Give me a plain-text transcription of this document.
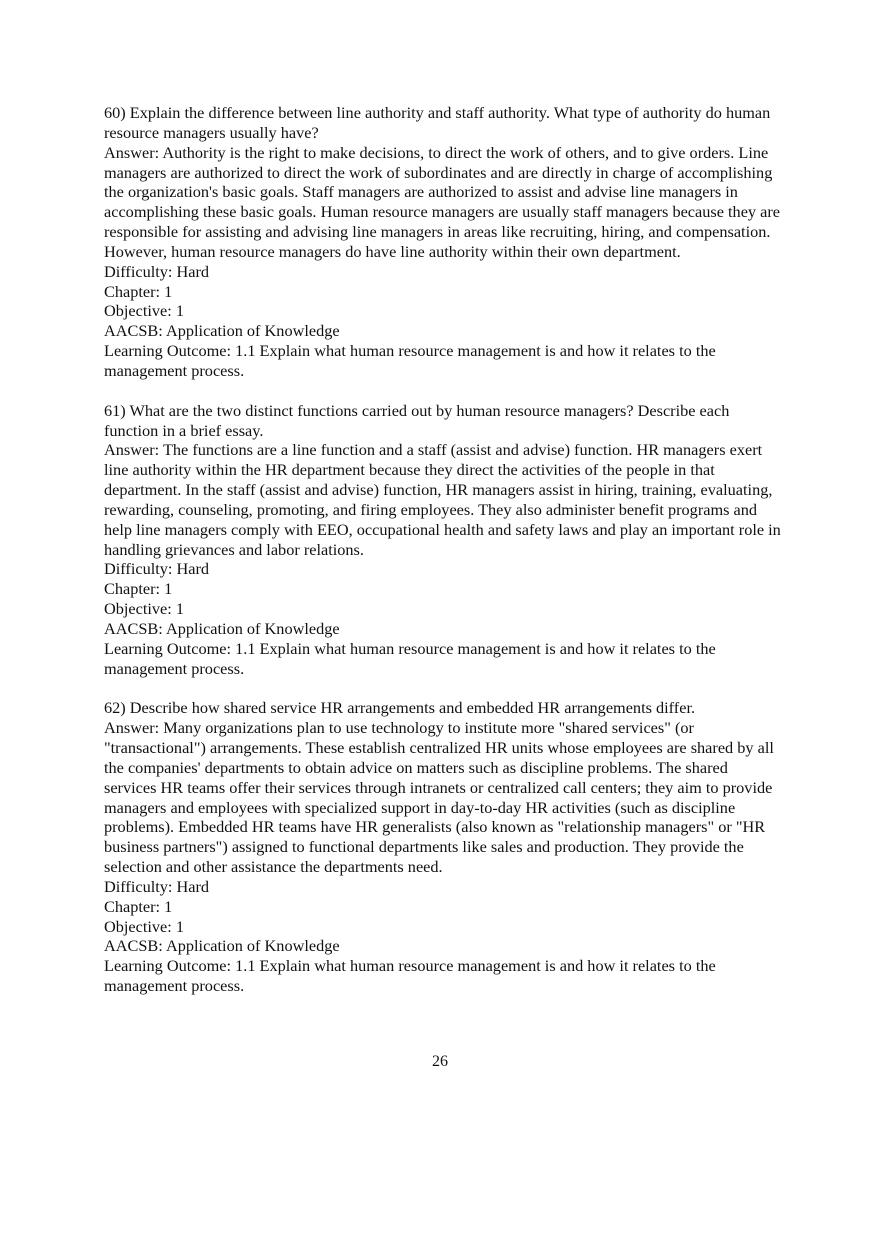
60) Explain the difference between line authority and staff authority. What type of authority do human resource managers usually have?
Answer: Authority is the right to make decisions, to direct the work of others, and to give orders. Line managers are authorized to direct the work of subordinates and are directly in charge of accomplishing the organization's basic goals. Staff managers are authorized to assist and advise line managers in accomplishing these basic goals. Human resource managers are usually staff managers because they are responsible for assisting and advising line managers in areas like recruiting, hiring, and compensation. However, human resource managers do have line authority within their own department.
Difficulty: Hard
Chapter: 1
Objective: 1
AACSB: Application of Knowledge
Learning Outcome: 1.1 Explain what human resource management is and how it relates to the management process.
61) What are the two distinct functions carried out by human resource managers? Describe each function in a brief essay.
Answer: The functions are a line function and a staff (assist and advise) function. HR managers exert line authority within the HR department because they direct the activities of the people in that department. In the staff (assist and advise) function, HR managers assist in hiring, training, evaluating, rewarding, counseling, promoting, and firing employees. They also administer benefit programs and help line managers comply with EEO, occupational health and safety laws and play an important role in handling grievances and labor relations.
Difficulty: Hard
Chapter: 1
Objective: 1
AACSB: Application of Knowledge
Learning Outcome: 1.1 Explain what human resource management is and how it relates to the management process.
62) Describe how shared service HR arrangements and embedded HR arrangements differ.
Answer: Many organizations plan to use technology to institute more "shared services" (or "transactional") arrangements. These establish centralized HR units whose employees are shared by all the companies' departments to obtain advice on matters such as discipline problems. The shared services HR teams offer their services through intranets or centralized call centers; they aim to provide managers and employees with specialized support in day-to-day HR activities (such as discipline problems). Embedded HR teams have HR generalists (also known as "relationship managers" or "HR business partners") assigned to functional departments like sales and production. They provide the selection and other assistance the departments need.
Difficulty: Hard
Chapter: 1
Objective: 1
AACSB: Application of Knowledge
Learning Outcome: 1.1 Explain what human resource management is and how it relates to the management process.
26
